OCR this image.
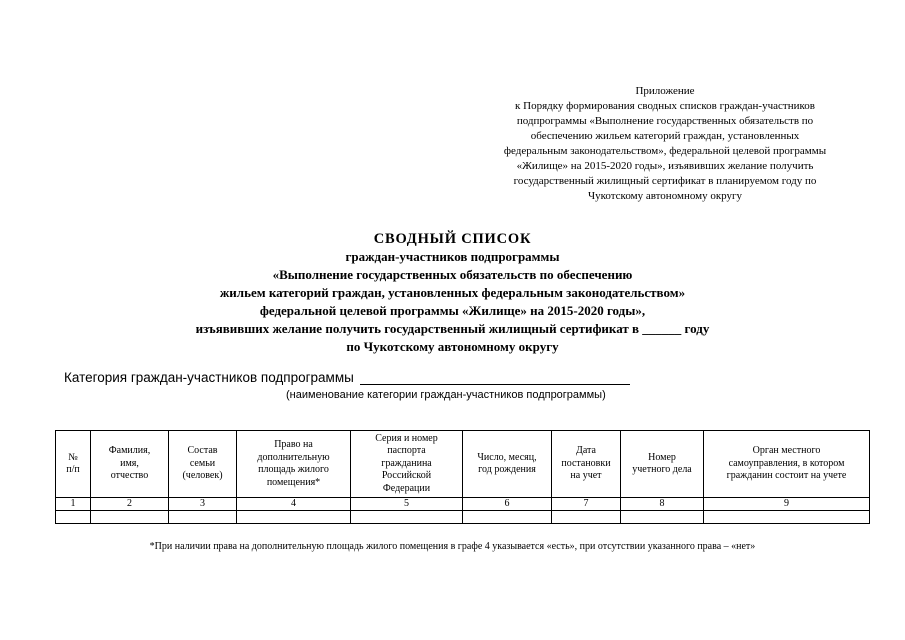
Приложение
к Порядку формирования сводных списков граждан-участников
подпрограммы «Выполнение государственных обязательств по
обеспечению жильем категорий граждан, установленных
федеральным законодательством», федеральной целевой программы
«Жилище» на 2015-2020 годы», изъявивших желание получить
государственный жилищный сертификат в планируемом году по
Чукотскому автономному округу
СВОДНЫЙ СПИСОК
граждан-участников подпрограммы
«Выполнение государственных обязательств по обеспечению
жильем категорий граждан, установленных федеральным законодательством»
федеральной целевой программы «Жилище» на 2015-2020 годы»,
изъявивших желание получить государственный жилищный сертификат в ______ году
по Чукотскому автономному округу
Категория граждан-участников подпрограммы
(наименование категории граждан-участников подпрограммы)
№
п/п	Фамилия,
имя,
отчество	Состав
семьи
(человек)	Право на
дополнительную
площадь жилого
помещения*	Серия и номер
паспорта
гражданина
Российской
Федерации	Число, месяц,
год рождения	Дата
постановки
на учет	Номер
учетного дела	Орган местного
самоуправления, в котором
гражданин состоит на учете
1	2	3	4	5	6	7	8	9

*При наличии права на дополнительную площадь жилого помещения в графе 4 указывается «есть», при отсутствии указанного права – «нет»
